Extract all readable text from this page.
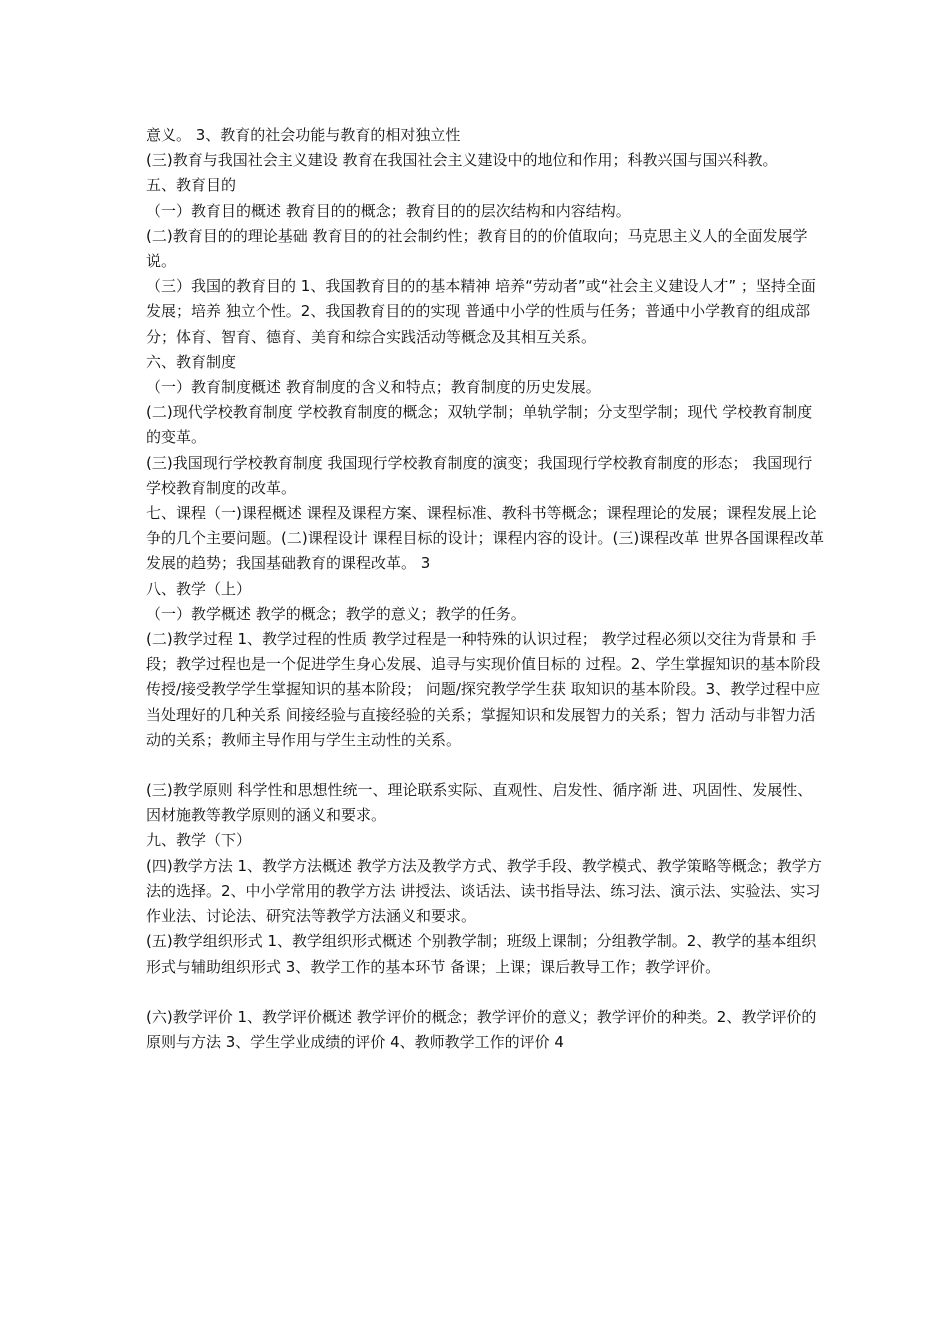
意义。 3、教育的社会功能与教育的相对独立性

(三)教育与我国社会主义建设 教育在我国社会主义建设中的地位和作用；科教兴国与国兴科教。

五、教育目的

（一）教育目的概述 教育目的的概念；教育目的的层次结构和内容结构。

(二)教育目的的理论基础 教育目的的社会制约性；教育目的的价值取向；马克思主义人的全面发展学说。

（三）我国的教育目的 1、我国教育目的的基本精神 培养“劳动者”或“社会主义建设人才” ；坚持全面发展；培养 独立个性。2、我国教育目的的实现 普通中小学的性质与任务；普通中小学教育的组成部分；体育、智育、德育、美育和综合实践活动等概念及其相互关系。

六、教育制度

（一）教育制度概述 教育制度的含义和特点；教育制度的历史发展。

(二)现代学校教育制度 学校教育制度的概念；双轨学制；单轨学制；分支型学制；现代 学校教育制度的变革。

(三)我国现行学校教育制度 我国现行学校教育制度的演变；我国现行学校教育制度的形态； 我国现行学校教育制度的改革。

七、课程（一)课程概述 课程及课程方案、课程标准、教科书等概念；课程理论的发展；课程发展上论争的几个主要问题。(二)课程设计 课程目标的设计；课程内容的设计。(三)课程改革 世界各国课程改革发展的趋势；我国基础教育的课程改革。 3

八、教学（上）

（一）教学概述 教学的概念；教学的意义；教学的任务。

(二)教学过程 1、教学过程的性质 教学过程是一种特殊的认识过程； 教学过程必须以交往为背景和 手段；教学过程也是一个促进学生身心发展、追寻与实现价值目标的 过程。2、学生掌握知识的基本阶段 传授/接受教学学生掌握知识的基本阶段； 问题/探究教学学生获 取知识的基本阶段。3、教学过程中应当处理好的几种关系 间接经验与直接经验的关系；掌握知识和发展智力的关系；智力 活动与非智力活动的关系；教师主导作用与学生主动性的关系。

(三)教学原则 科学性和思想性统一、理论联系实际、直观性、启发性、循序渐 进、巩固性、发展性、因材施教等教学原则的涵义和要求。

九、教学（下）

(四)教学方法 1、教学方法概述 教学方法及教学方式、教学手段、教学模式、教学策略等概念；教学方法的选择。2、中小学常用的教学方法 讲授法、谈话法、读书指导法、练习法、演示法、实验法、实习 作业法、讨论法、研究法等教学方法涵义和要求。

(五)教学组织形式 1、教学组织形式概述 个别教学制；班级上课制；分组教学制。2、教学的基本组织形式与辅助组织形式 3、教学工作的基本环节 备课；上课；课后教导工作；教学评价。

(六)教学评价 1、教学评价概述 教学评价的概念；教学评价的意义；教学评价的种类。2、教学评价的原则与方法 3、学生学业成绩的评价 4、教师教学工作的评价 4
